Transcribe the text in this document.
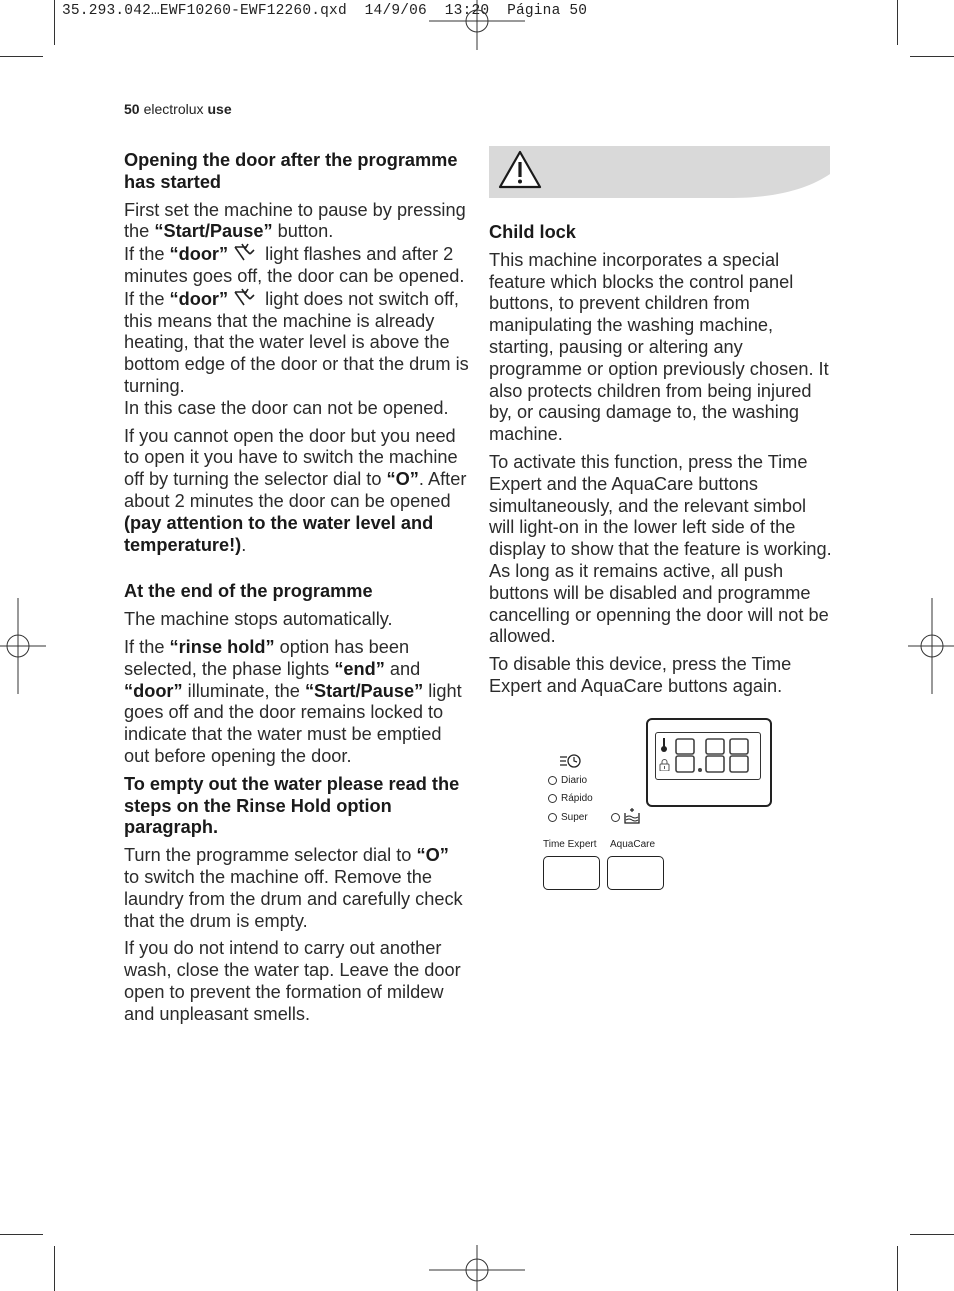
35.293.042…EWF10260-EWF12260.qxd  14/9/06  13:20  Página 50
50 electrolux use
Opening the door after the programme has started

First set the machine to pause by pressing the “Start/Pause” button.
If the “door” light flashes and after 2 minutes goes off, the door can be opened.
If the “door” light does not switch off, this means that the machine is already heating, that the water level is above the bottom edge of the door or that the drum is turning.
In this case the door can not be opened.

If you cannot open the door but you need to open it you have to switch the machine off by turning the selector dial to “O”. After about 2 minutes the door can be opened (pay attention to the water level and temperature!).

At the end of the programme

The machine stops automatically.

If the “rinse hold” option has been selected, the phase lights “end” and “door” illuminate, the “Start/Pause” light goes off and the door remains locked to indicate that the water must be emptied out before opening the door.

To empty out the water please read the steps on the Rinse Hold option paragraph.

Turn the programme selector dial to “O” to switch the machine off. Remove the laundry from the drum and carefully check that the drum is empty.

If you do not intend to carry out another wash, close the water tap. Leave the door open to prevent the formation of mildew and unpleasant smells.

Child lock

This machine incorporates a special feature which blocks the control panel buttons, to prevent children from manipulating the washing machine, starting, pausing or altering any programme or option previously chosen. It also protects children from being injured by, or causing damage to, the washing machine.

To activate this function, press the Time Expert and the AquaCare buttons simultaneously, and the relevant simbol will light-on in the lower left side of the display to show that the feature is working. As long as it remains active, all push buttons will be disabled and programme cancelling or openning the door will not be allowed.

To disable this device, press the Time Expert and AquaCare buttons again.

Diario
Rápido
Super
Time Expert AquaCare
